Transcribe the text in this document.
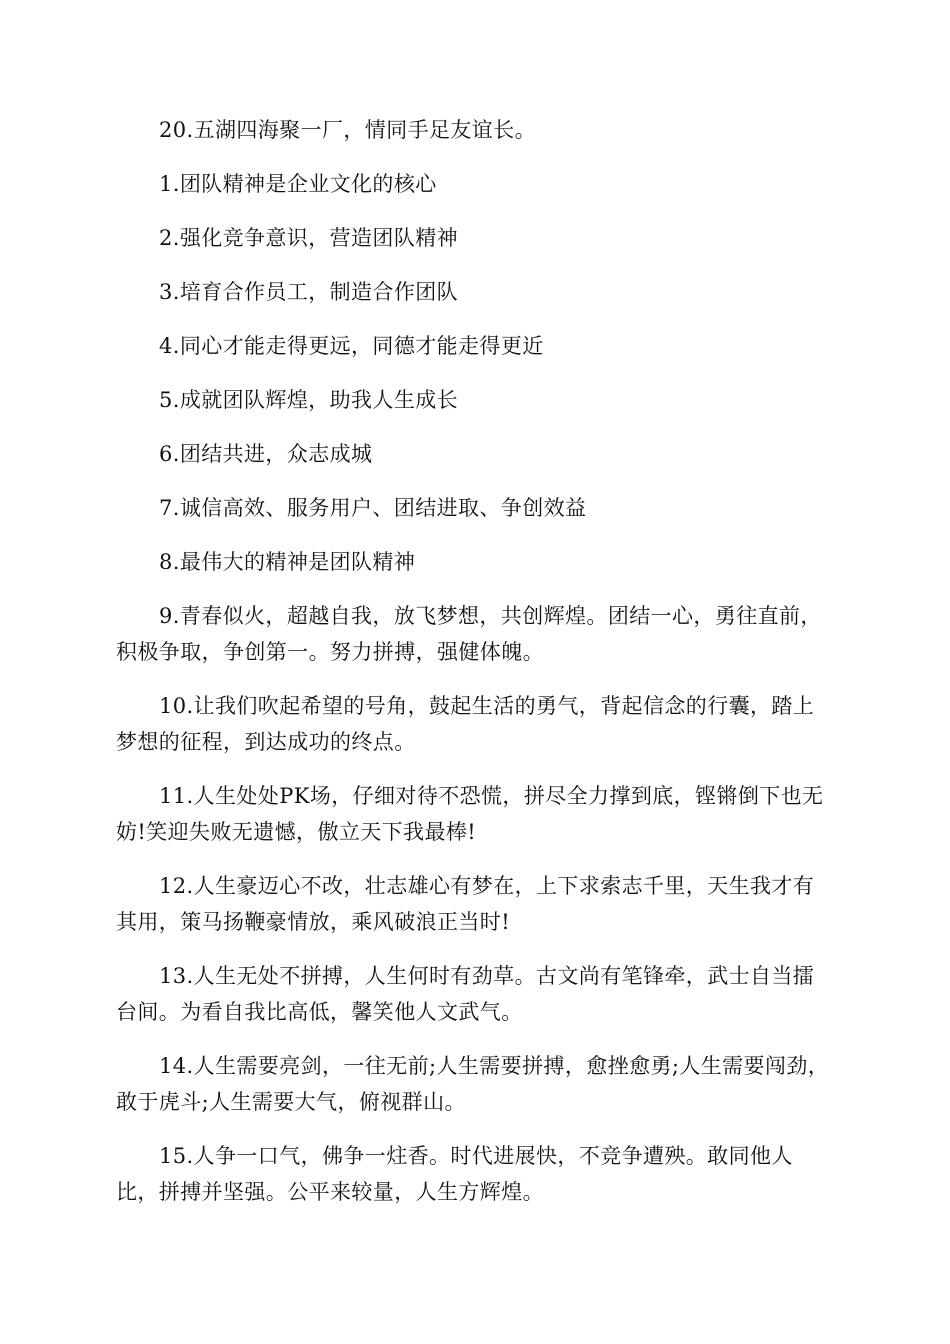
20.五湖四海聚一厂，情同手足友谊长。

1.团队精神是企业文化的核心

2.强化竞争意识，营造团队精神

3.培育合作员工，制造合作团队

4.同心才能走得更远，同德才能走得更近

5.成就团队辉煌，助我人生成长

6.团结共进，众志成城

7.诚信高效、服务用户、团结进取、争创效益

8.最伟大的精神是团队精神

9.青春似火，超越自我，放飞梦想，共创辉煌。团结一心，勇往直前，积极争取，争创第一。努力拼搏，强健体魄。

10.让我们吹起希望的号角，鼓起生活的勇气，背起信念的行囊，踏上梦想的征程，到达成功的终点。

11.人生处处PK场，仔细对待不恐慌，拼尽全力撑到底，铿锵倒下也无妨!笑迎失败无遗憾，傲立天下我最棒!

12.人生豪迈心不改，壮志雄心有梦在，上下求索志千里，天生我才有其用，策马扬鞭豪情放，乘风破浪正当时!

13.人生无处不拼搏，人生何时有劲草。古文尚有笔锋牵，武士自当擂台间。为看自我比高低，馨笑他人文武气。

14.人生需要亮剑，一往无前;人生需要拼搏，愈挫愈勇;人生需要闯劲，敢于虎斗;人生需要大气，俯视群山。

15.人争一口气，佛争一炷香。时代进展快，不竞争遭殃。敢同他人比，拼搏并坚强。公平来较量，人生方辉煌。
